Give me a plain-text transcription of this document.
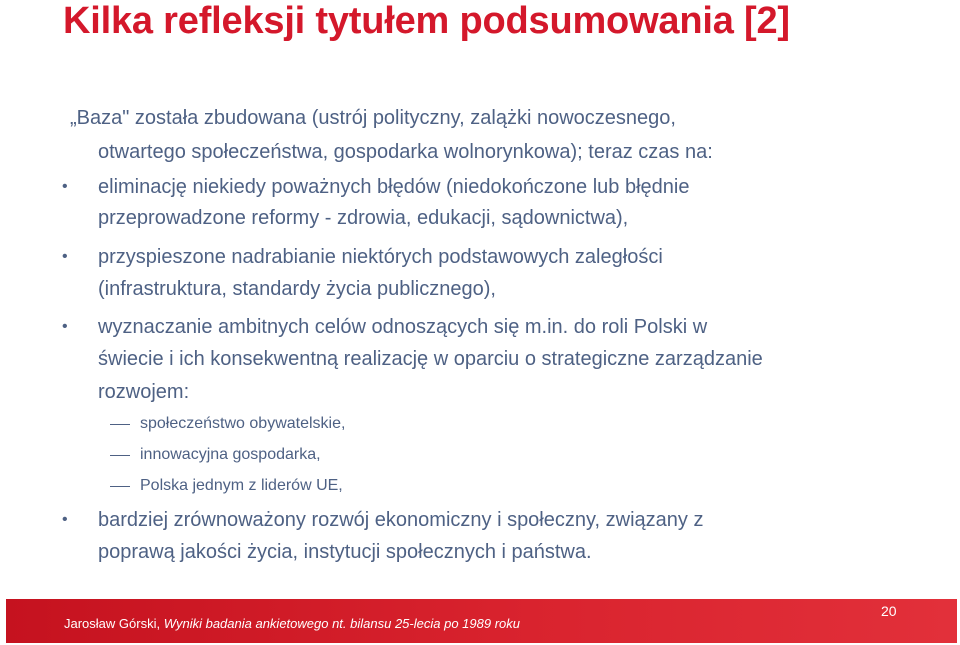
Kilka refleksji tytułem podsumowania [2]
„Baza" została zbudowana (ustrój polityczny, zalążki nowoczesnego,
otwartego społeczeństwa, gospodarka wolnorynkowa); teraz czas na:
• eliminację niekiedy poważnych błędów (niedokończone lub błędnie
przeprowadzone reformy - zdrowia, edukacji, sądownictwa),
• przyspieszone nadrabianie niektórych podstawowych zaległości
(infrastruktura, standardy życia publicznego),
• wyznaczanie ambitnych celów odnoszących się m.in. do roli Polski w
świecie i ich konsekwentną realizację w oparciu o strategiczne zarządzanie
rozwojem:
społeczeństwo obywatelskie,
innowacyjna gospodarka,
Polska jednym z liderów UE,
• bardziej zrównoważony rozwój ekonomiczny i społeczny, związany z
poprawą jakości życia, instytucji społecznych i państwa.
Jarosław Górski, Wyniki badania ankietowego nt. bilansu 25-lecia po 1989 roku
20
